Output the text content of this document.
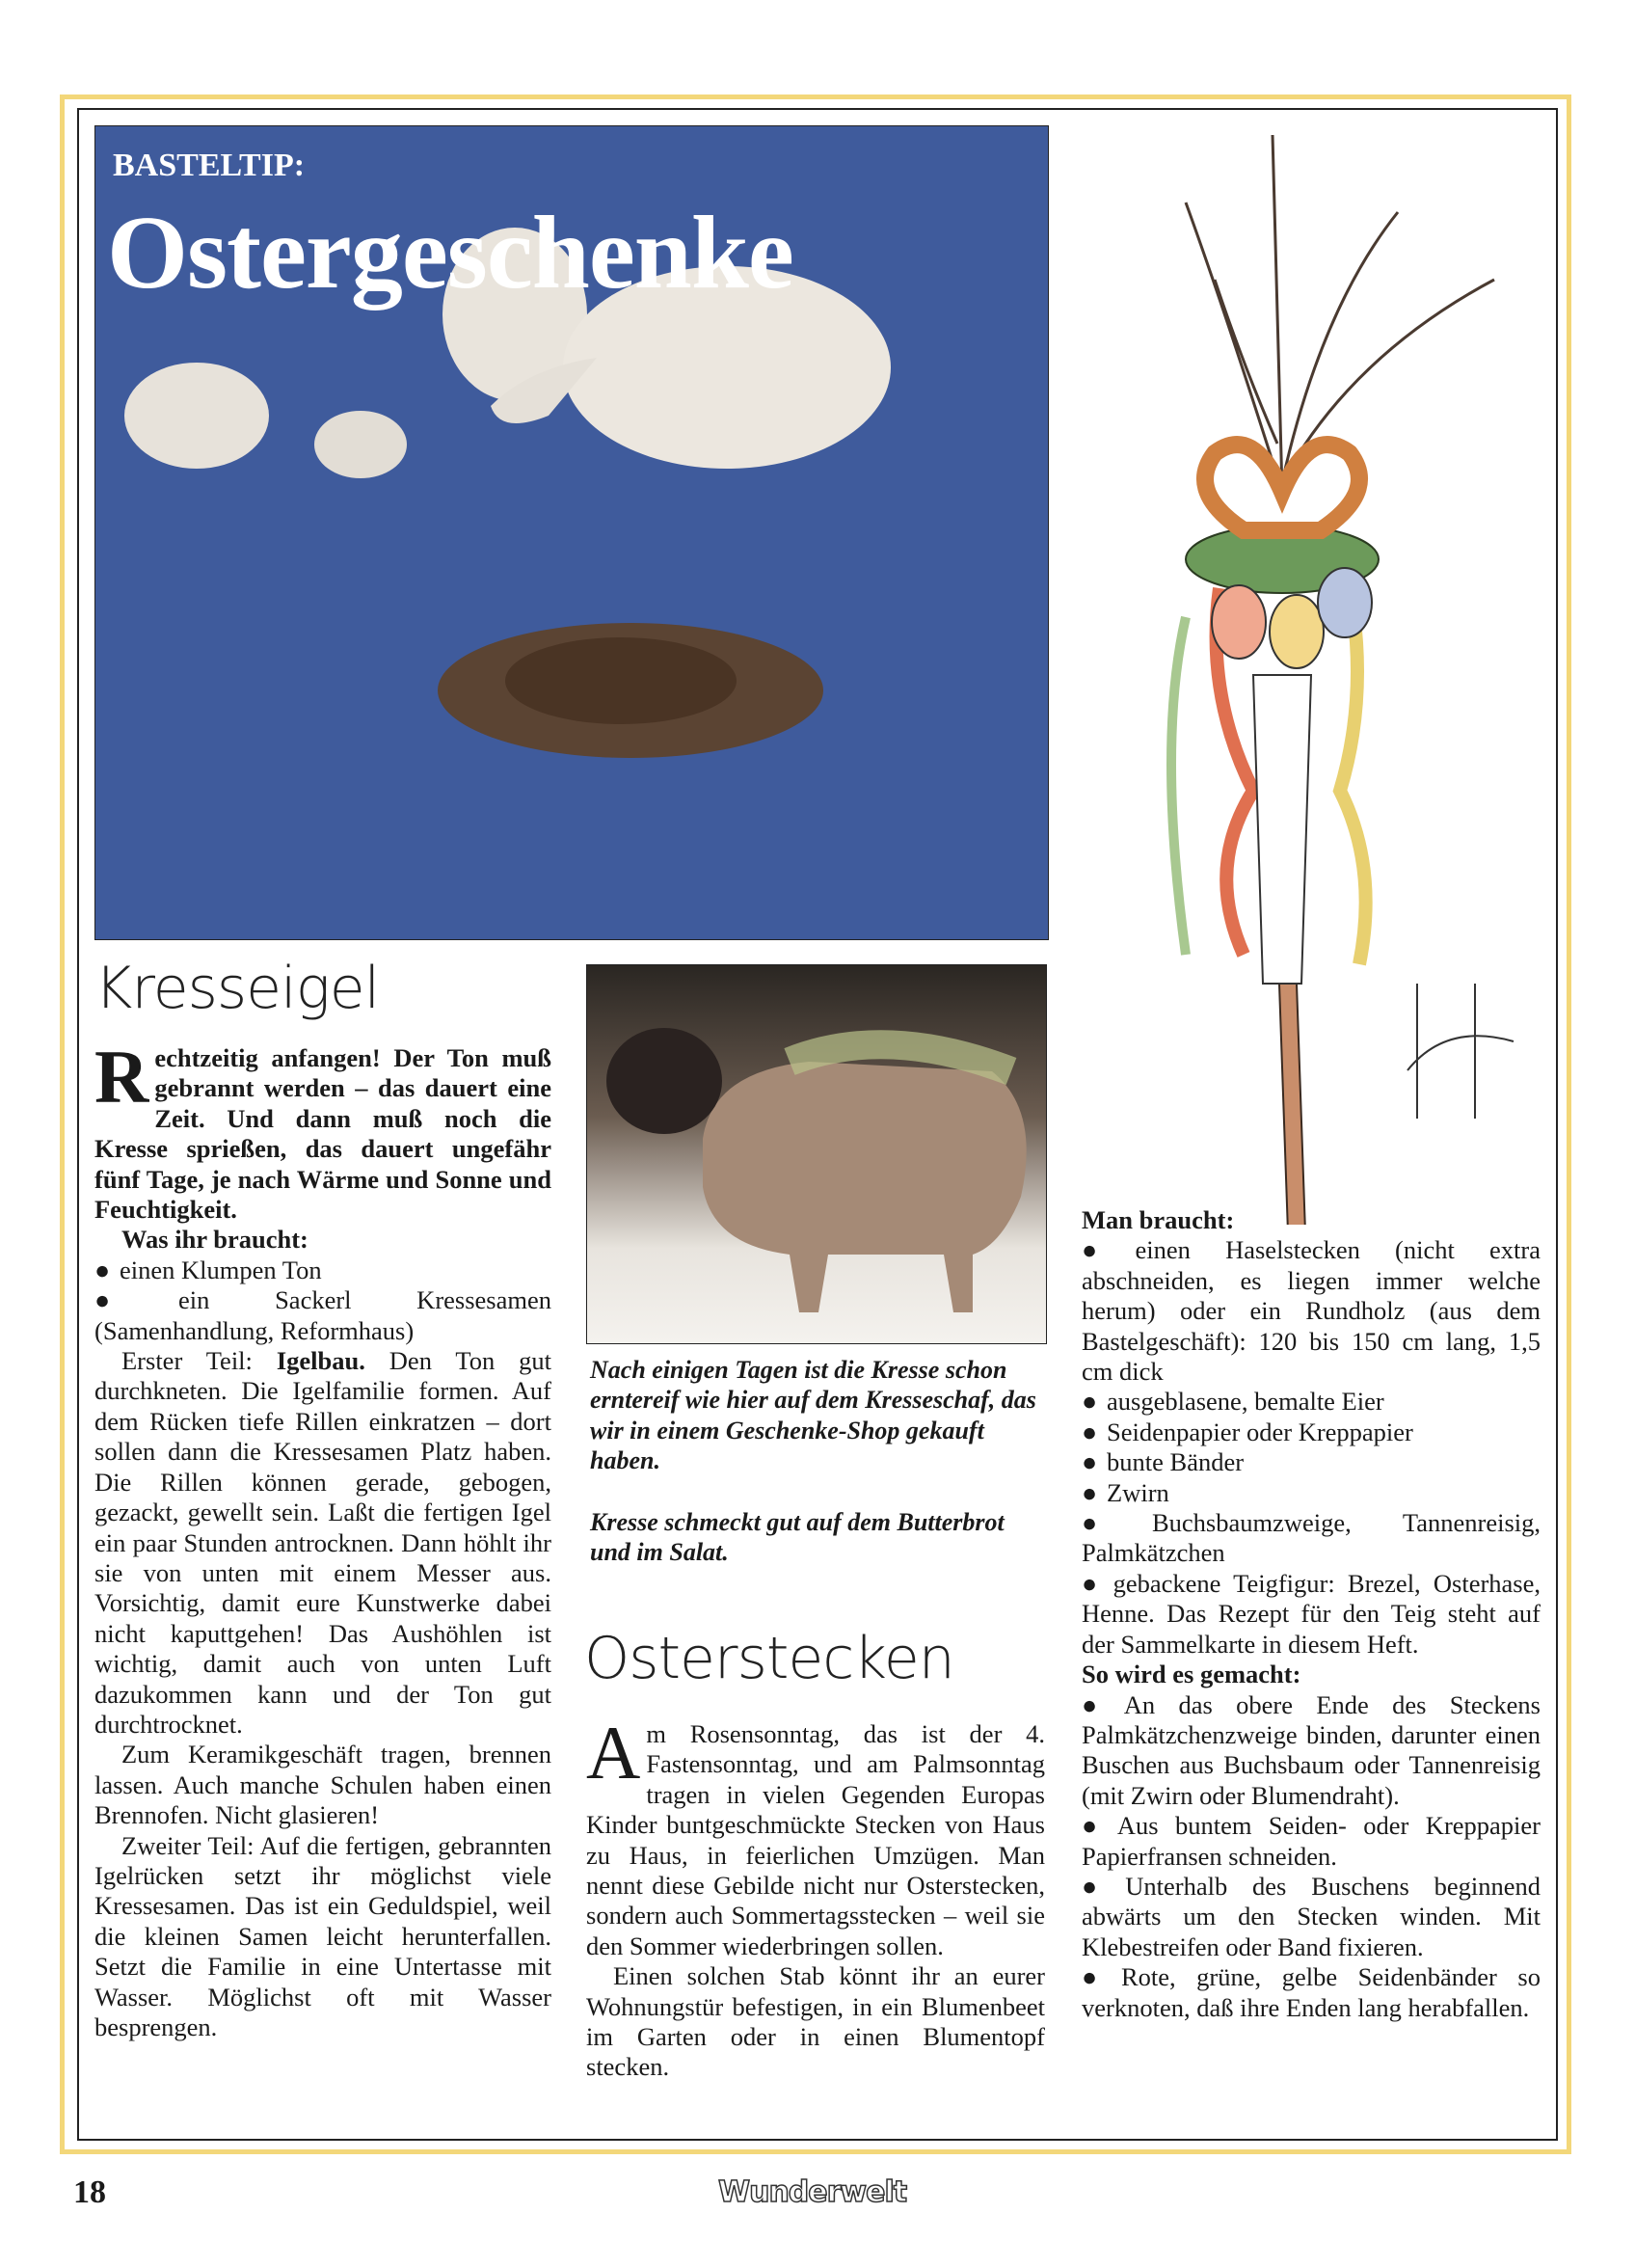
BASTELTIP:
Ostergeschenke
Kresseigel

Rechtzeitig anfangen! Der Ton muß gebrannt werden – das dauert eine Zeit. Und dann muß noch die Kresse sprießen, das dauert ungefähr fünf Tage, je nach Wärme und Sonne und Feuchtigkeit.

Was ihr braucht:

● einen Klumpen Ton

● ein Sackerl Kressesamen (Samenhandlung, Reformhaus)

Erster Teil: Igelbau. Den Ton gut durchkneten. Die Igelfamilie formen. Auf dem Rücken tiefe Rillen einkratzen – dort sollen dann die Kressesamen Platz haben. Die Rillen können gerade, gebogen, gezackt, gewellt sein. Laßt die fertigen Igel ein paar Stunden antrocknen. Dann höhlt ihr sie von unten mit einem Messer aus. Vorsichtig, damit eure Kunstwerke dabei nicht kaputtgehen! Das Aushöhlen ist wichtig, damit auch von unten Luft dazukommen kann und der Ton gut durchtrocknet.

Zum Keramikgeschäft tragen, brennen lassen. Auch manche Schulen haben einen Brennofen. Nicht glasieren!

Zweiter Teil: Auf die fertigen, gebrannten Igelrücken setzt ihr möglichst viele Kressesamen. Das ist ein Geduldspiel, weil die kleinen Samen leicht herunterfallen. Setzt die Familie in eine Untertasse mit Wasser. Möglichst oft mit Wasser besprengen.

Nach einigen Tagen ist die Kresse schon erntereif wie hier auf dem Kresseschaf, das wir in einem Geschenke-Shop gekauft haben.

Kresse schmeckt gut auf dem Butterbrot und im Salat.

Osterstecken

Am Rosensonntag, das ist der 4. Fastensonntag, und am Palmsonntag tragen in vielen Gegenden Europas Kinder buntgeschmückte Stecken von Haus zu Haus, in feierlichen Umzügen. Man nennt diese Gebilde nicht nur Osterstecken, sondern auch Sommertagsstecken – weil sie den Sommer wiederbringen sollen.

Einen solchen Stab könnt ihr an eurer Wohnungstür befestigen, in ein Blumenbeet im Garten oder in einen Blumentopf stecken.

Man braucht:

● einen Haselstecken (nicht extra abschneiden, es liegen immer welche herum) oder ein Rundholz (aus dem Bastelgeschäft): 120 bis 150 cm lang, 1,5 cm dick

● ausgeblasene, bemalte Eier

● Seidenpapier oder Kreppapier

● bunte Bänder

● Zwirn

● Buchsbaumzweige, Tannenreisig, Palmkätzchen

● gebackene Teigfigur: Brezel, Osterhase, Henne. Das Rezept für den Teig steht auf der Sammelkarte in diesem Heft.

So wird es gemacht:

● An das obere Ende des Steckens Palmkätzchenzweige binden, darunter einen Buschen aus Buchsbaum oder Tannenreisig (mit Zwirn oder Blumendraht).

● Aus buntem Seiden- oder Kreppapier Papierfransen schneiden.

● Unterhalb des Buschens beginnend abwärts um den Stecken winden. Mit Klebestreifen oder Band fixieren.

● Rote, grüne, gelbe Seidenbänder so verknoten, daß ihre Enden lang herabfallen.

18	Wunderwelt
